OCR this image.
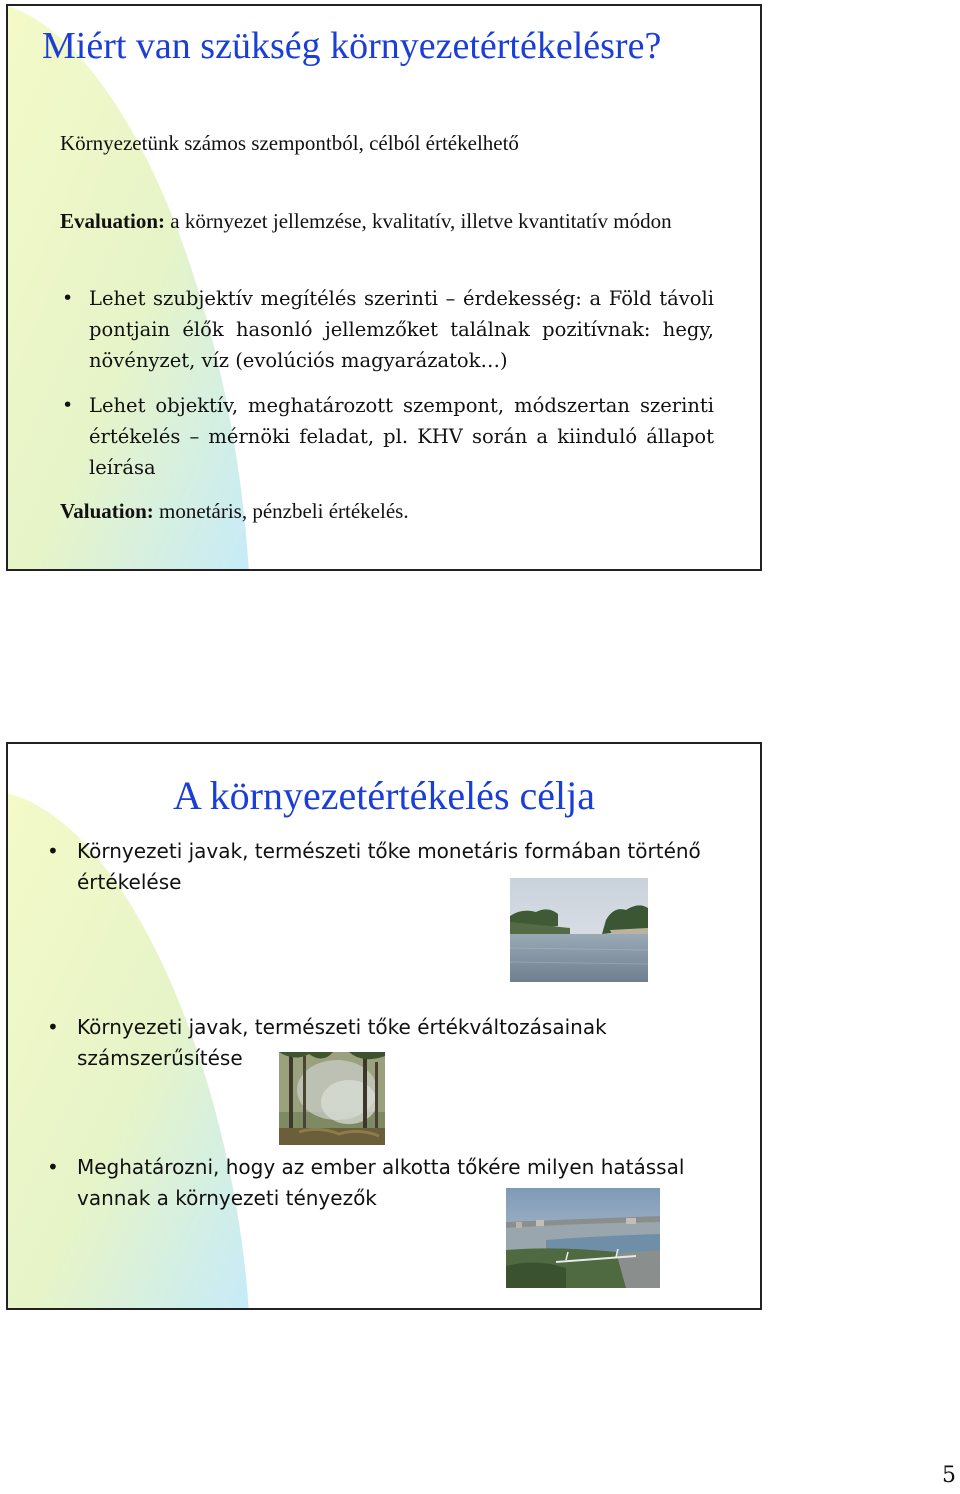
Miért van szükség környezetértékelésre?

Környezetünk számos szempontból, célból értékelhető

Evaluation: a környezet jellemzése, kvalitatív, illetve kvantitatív módon

• Lehet szubjektív megítélés szerinti – érdekesség: a Föld távoli pontjain élők hasonló jellemzőket találnak pozitívnak: hegy, növényzet, víz (evolúciós magyarázatok…)
• Lehet objektív, meghatározott szempont, módszertan szerinti értékelés – mérnöki feladat, pl. KHV során a kiinduló állapot leírása

Valuation: monetáris, pénzbeli értékelés.

A környezetértékelés célja
• Környezeti javak, természeti tőke monetáris formában történő értékelése
• Környezeti javak, természeti tőke értékváltozásainak számszerűsítése
• Meghatározni, hogy az ember alkotta tőkére milyen hatással vannak a környezeti tényezők
5
